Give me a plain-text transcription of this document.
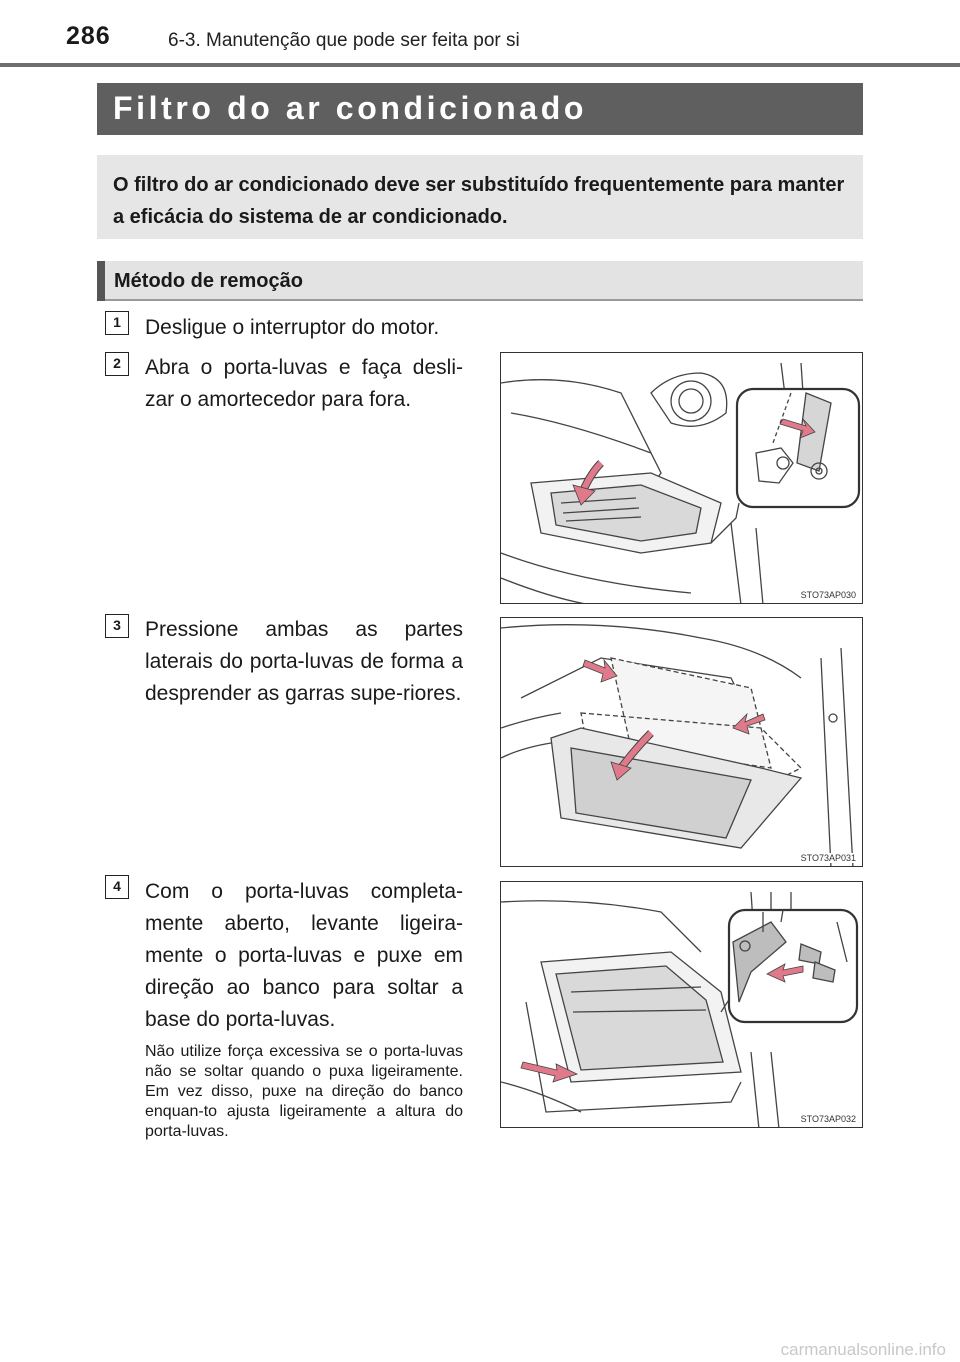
286	6-3. Manutenção que pode ser feita por si
Filtro do ar condicionado
O filtro do ar condicionado deve ser substituído frequentemente para manter a eficácia do sistema de ar condicionado.
Método de remoção
1	Desligue o interruptor do motor.
2	Abra o porta-luvas e faça desli-zar o amortecedor para fora.
STO73AP030
3	Pressione ambas as partes laterais do porta-luvas de forma a desprender as garras supe-riores.
STO73AP031
4	Com o porta-luvas completa-mente aberto, levante ligeira-mente o porta-luvas e puxe em direção ao banco para soltar a base do porta-luvas.
Não utilize força excessiva se o porta-luvas não se soltar quando o puxa ligeiramente. Em vez disso, puxe na direção do banco enquan-to ajusta ligeiramente a altura do porta-luvas.
STO73AP032
carmanualsonline.info
